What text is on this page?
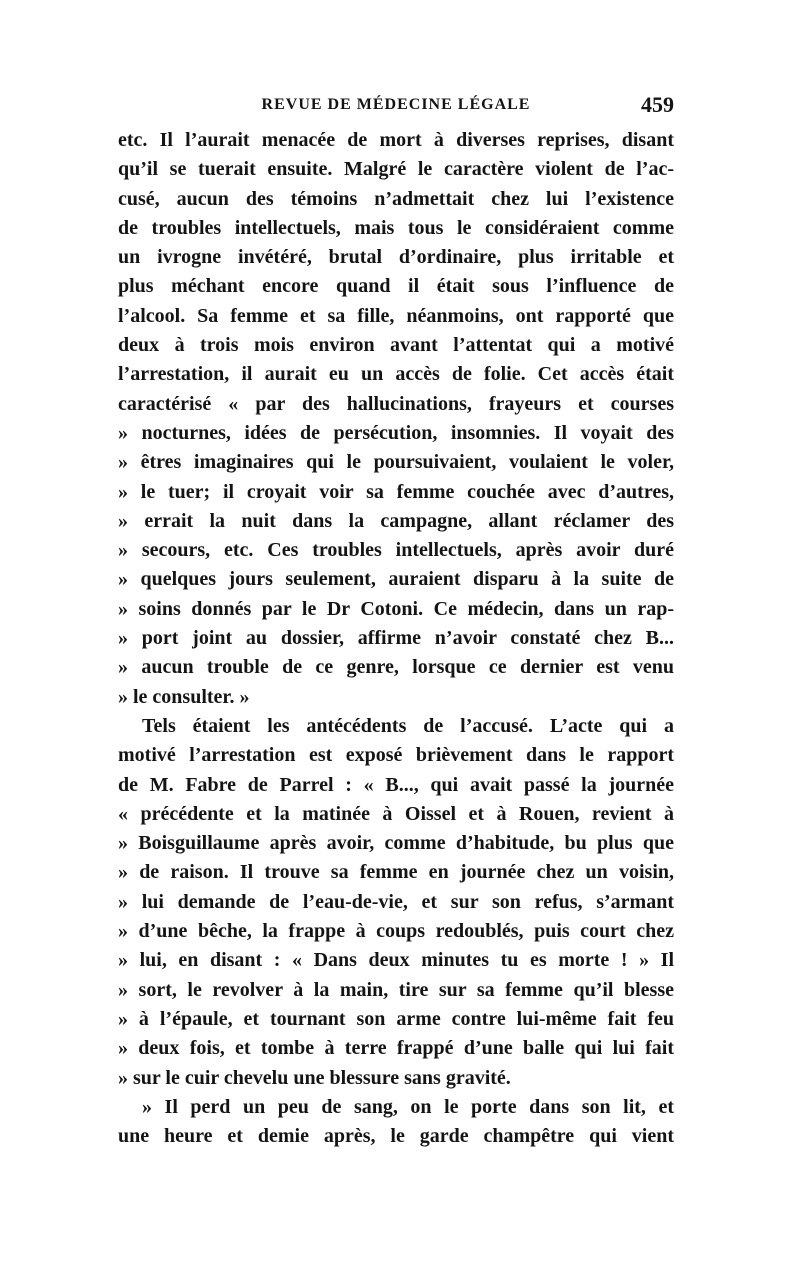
REVUE DE MÉDECINE LÉGALE	459
etc. Il l’aurait menacée de mort à diverses reprises, disant
qu’il se tuerait ensuite. Malgré le caractère violent de l’ac-
cusé, aucun des témoins n’admettait chez lui l’existence
de troubles intellectuels, mais tous le considéraient comme
un ivrogne invétéré, brutal d’ordinaire, plus irritable et
plus méchant encore quand il était sous l’influence de
l’alcool. Sa femme et sa fille, néanmoins, ont rapporté que
deux à trois mois environ avant l’attentat qui a motivé
l’arrestation, il aurait eu un accès de folie. Cet accès était
caractérisé « par des hallucinations, frayeurs et courses
» nocturnes, idées de persécution, insomnies. Il voyait des
» êtres imaginaires qui le poursuivaient, voulaient le voler,
» le tuer; il croyait voir sa femme couchée avec d’autres,
» errait la nuit dans la campagne, allant réclamer des
» secours, etc. Ces troubles intellectuels, après avoir duré
» quelques jours seulement, auraient disparu à la suite de
» soins donnés par le Dr Cotoni. Ce médecin, dans un rap-
» port joint au dossier, affirme n’avoir constaté chez B...
» aucun trouble de ce genre, lorsque ce dernier est venu
» le consulter. »
Tels étaient les antécédents de l’accusé. L’acte qui a
motivé l’arrestation est exposé brièvement dans le rapport
de M. Fabre de Parrel : « B..., qui avait passé la journée
« précédente et la matinée à Oissel et à Rouen, revient à
» Boisguillaume après avoir, comme d’habitude, bu plus que
» de raison. Il trouve sa femme en journée chez un voisin,
» lui demande de l’eau-de-vie, et sur son refus, s’armant
» d’une bêche, la frappe à coups redoublés, puis court chez
» lui, en disant : « Dans deux minutes tu es morte ! » Il
» sort, le revolver à la main, tire sur sa femme qu’il blesse
» à l’épaule, et tournant son arme contre lui-même fait feu
» deux fois, et tombe à terre frappé d’une balle qui lui fait
» sur le cuir chevelu une blessure sans gravité.
» Il perd un peu de sang, on le porte dans son lit, et
une heure et demie après, le garde champêtre qui vient
